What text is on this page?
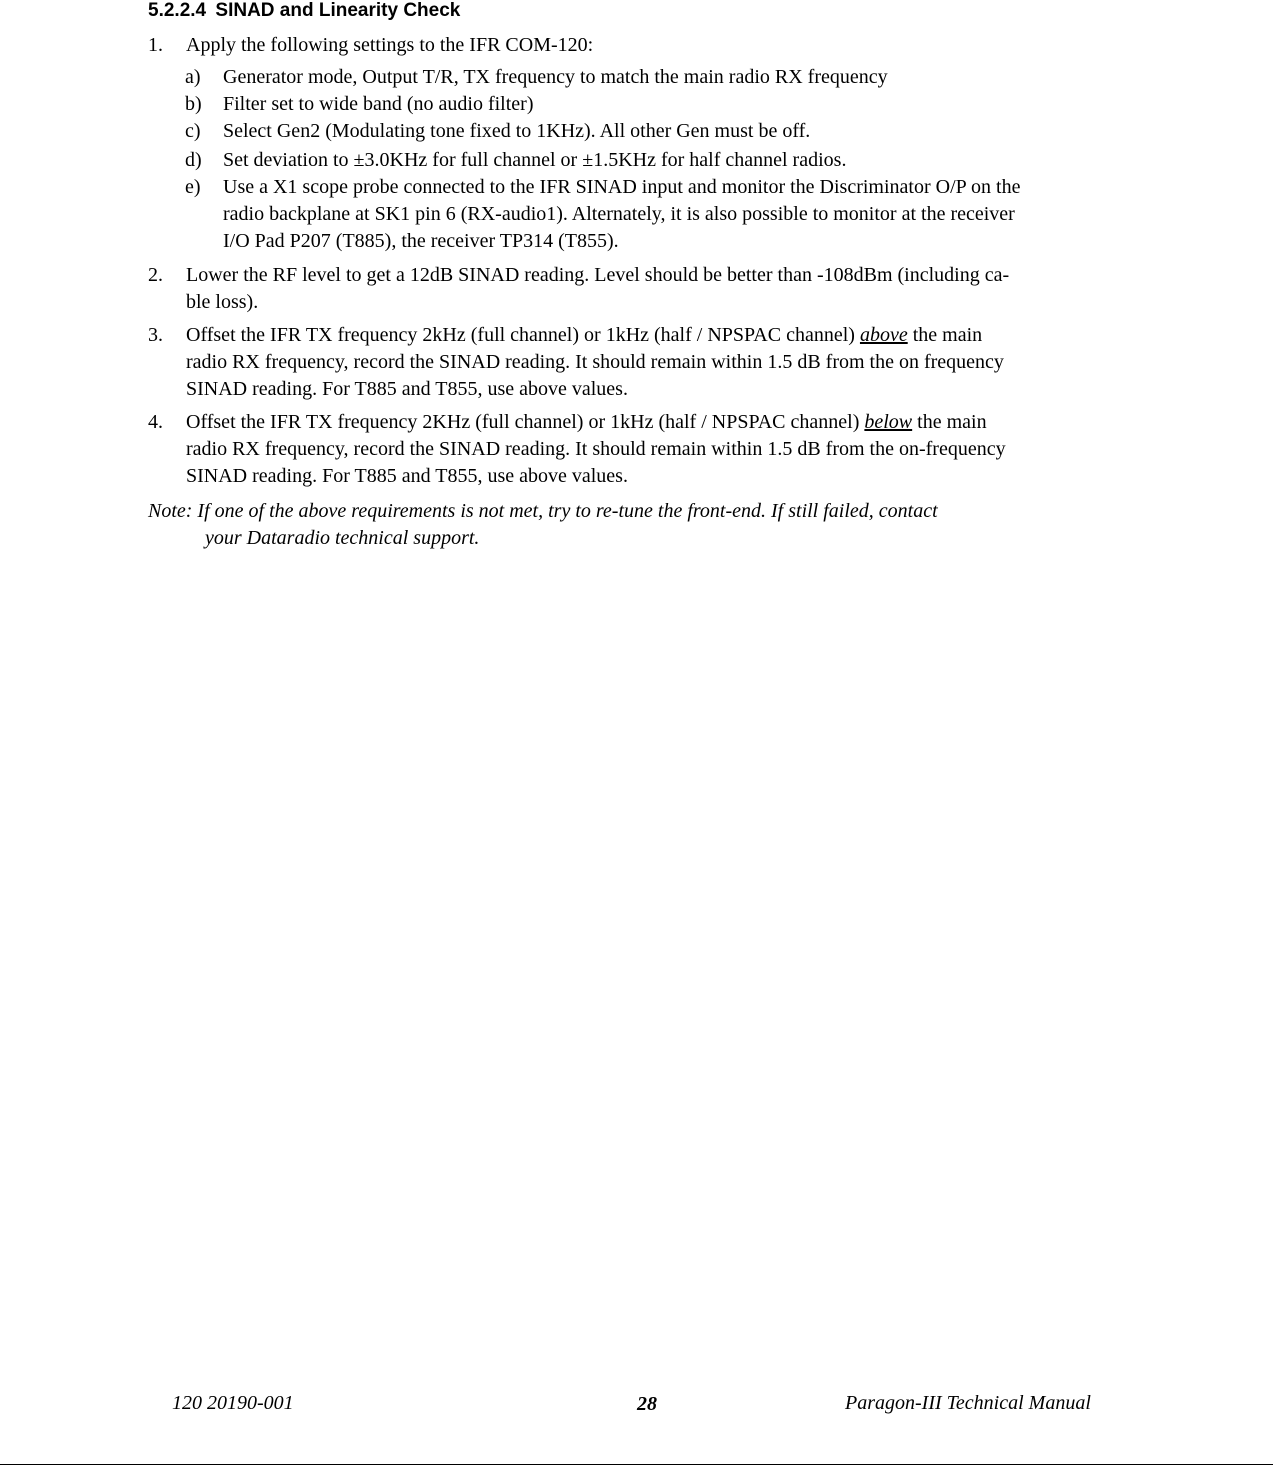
5.2.2.4 SINAD and Linearity Check
1. Apply the following settings to the IFR COM-120:
a) Generator mode, Output T/R, TX frequency to match the main radio RX frequency
b) Filter set to wide band (no audio filter)
c) Select Gen2 (Modulating tone fixed to 1KHz). All other Gen must be off.
d) Set deviation to ±3.0KHz for full channel or ±1.5KHz for half channel radios.
e) Use a X1 scope probe connected to the IFR SINAD input and monitor the Discriminator O/P on the
radio backplane at SK1 pin 6 (RX-audio1). Alternately, it is also possible to monitor at the receiver
I/O Pad P207 (T885), the receiver TP314 (T855).
2. Lower the RF level to get a 12dB SINAD reading. Level should be better than -108dBm (including ca-
ble loss).
3. Offset the IFR TX frequency 2kHz (full channel) or 1kHz (half / NPSPAC channel) above the main
radio RX frequency, record the SINAD reading. It should remain within 1.5 dB from the on frequency
SINAD reading. For T885 and T855, use above values.
4. Offset the IFR TX frequency 2KHz (full channel) or 1kHz (half / NPSPAC channel) below the main
radio RX frequency, record the SINAD reading. It should remain within 1.5 dB from the on-frequency
SINAD reading. For T885 and T855, use above values.
Note: If one of the above requirements is not met, try to re-tune the front-end. If still failed, contact
your Dataradio technical support.
120 20190-001	28	Paragon-III Technical Manual
